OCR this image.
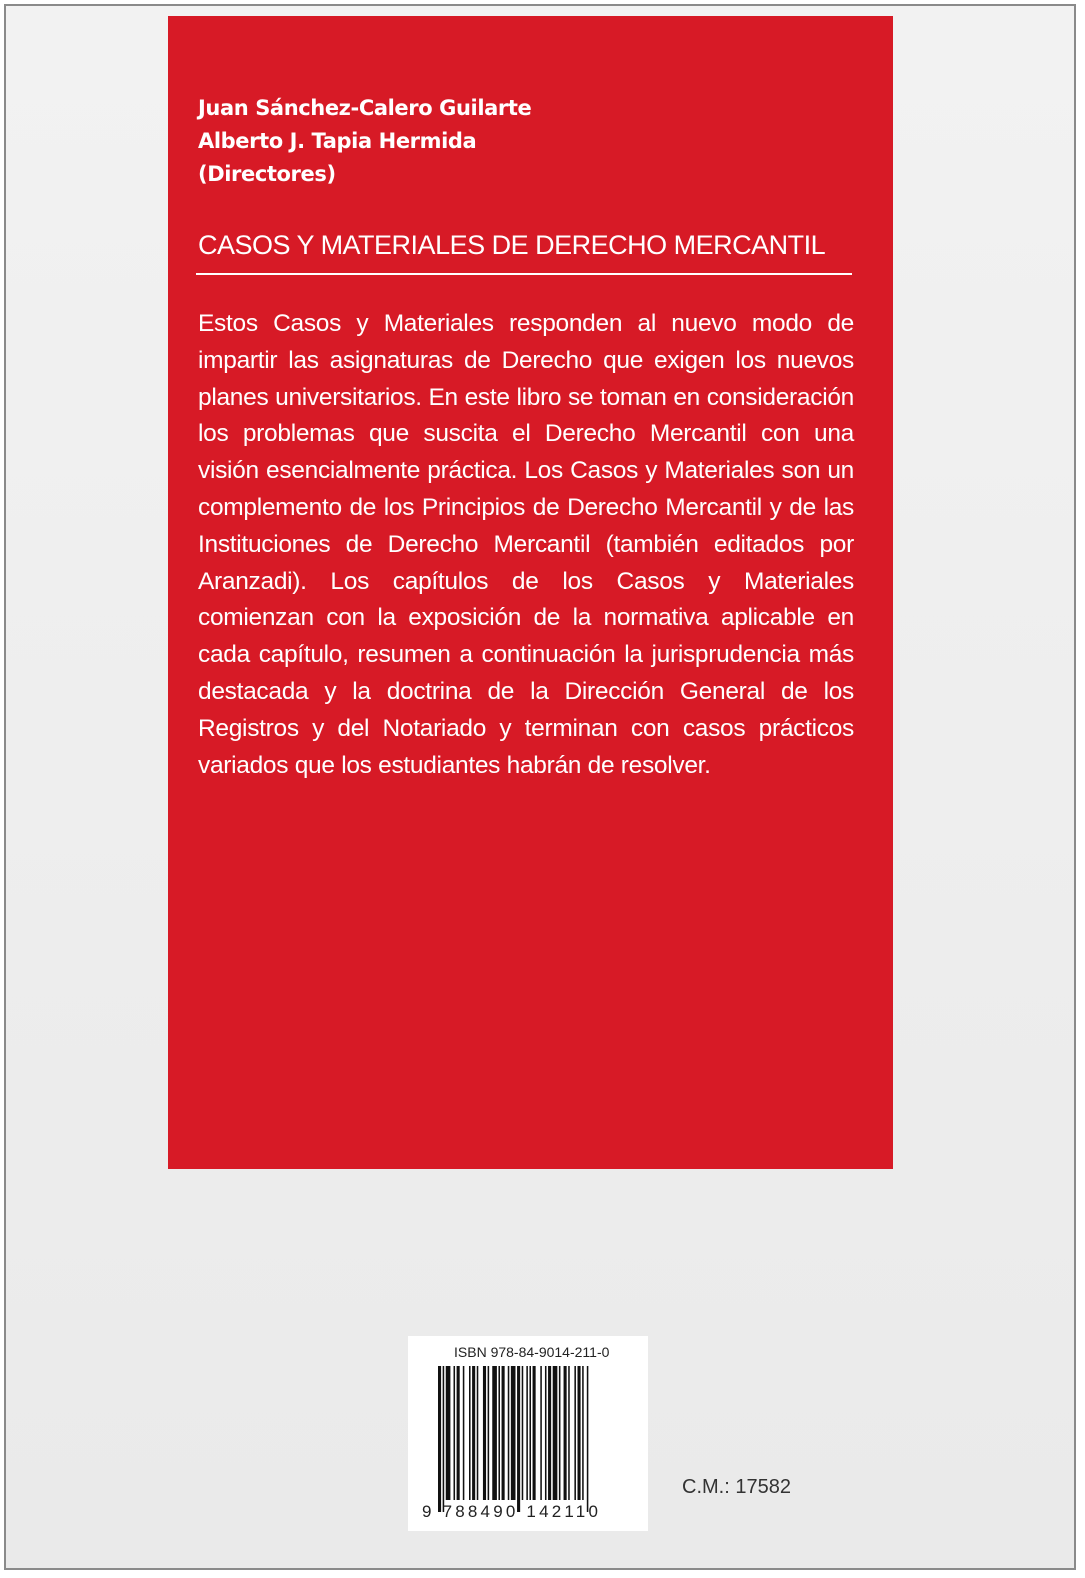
Juan Sánchez-Calero Guilarte
Alberto J. Tapia Hermida
(Directores)
CASOS Y MATERIALES DE DERECHO MERCANTIL
Estos Casos y Materiales responden al nuevo modo de impartir las asignaturas de Derecho que exigen los nuevos planes universitarios. En este libro se toman en consideración los problemas que suscita el Derecho Mercantil con una visión esencialmente práctica. Los Casos y Materiales son un complemento de los Principios de Derecho Mercantil y de las Instituciones de Derecho Mercantil (también editados por Aranzadi). Los capítulos de los Casos y Materiales comienzan con la exposición de la normativa aplicable en cada capítulo, resumen a continuación la jurisprudencia más destacada y la doctrina de la Dirección General de los Registros y del Notariado y terminan con casos prácticos variados que los estudiantes habrán de resolver.
ISBN 978-84-9014-211-0
9 788490 142110
C.M.: 17582
